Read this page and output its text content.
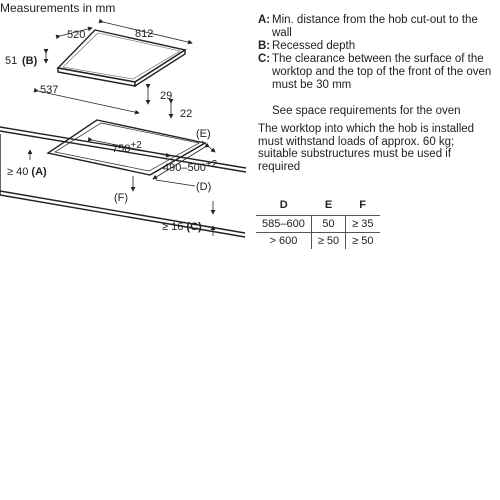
520	812
51 (B)
537	29
22
(E)
750+2
490–500+2
(D)
(F)
≥ 40 (A)
≥ 16 (C)
Measurements in mm
A: Min. distance from the hob cut-out to the wall
B: Recessed depth
C: The clearance between the surface of the worktop and the top of the front of the oven must be 30 mm
See space requirements for the oven
The worktop into which the hob is installed must withstand loads of approx. 60 kg; suitable substructures must be used if required
D	E	F
585–600	50	≥ 35
> 600	≥ 50	≥ 50
